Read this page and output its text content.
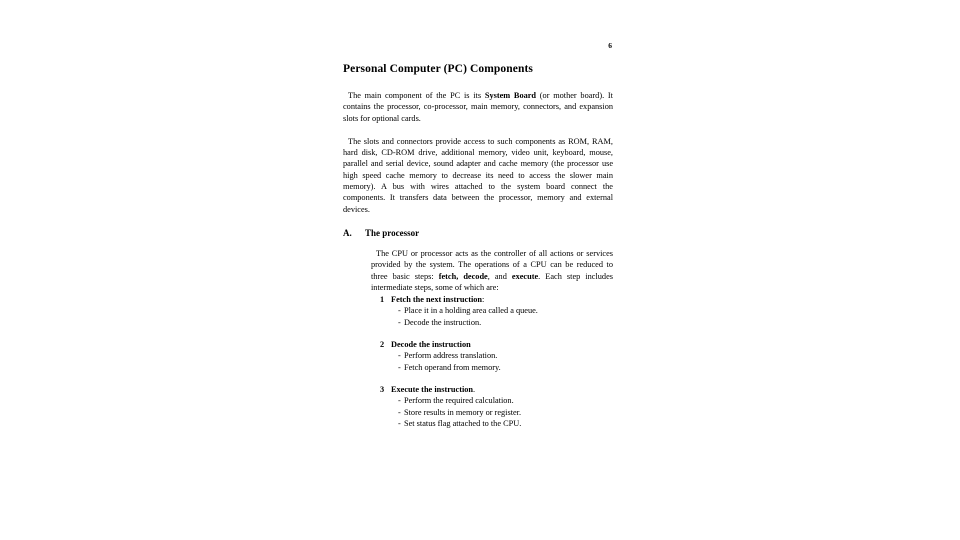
6
Personal Computer (PC) Components

The main component of the PC is its System Board (or mother board). It contains the processor, co-processor, main memory, connectors, and expansion slots for optional cards.

The slots and connectors provide access to such components as ROM, RAM, hard disk, CD-ROM drive, additional memory, video unit, keyboard, mouse, parallel and serial device, sound adapter and cache memory (the processor use high speed cache memory to decrease its need to access the slower main memory). A bus with wires attached to the system board connect the components. It transfers data between the processor, memory and external devices.

A.	The processor

The CPU or processor acts as the controller of all actions or services provided by the system. The operations of a CPU can be reduced to three basic steps: fetch, decode, and execute. Each step includes intermediate steps, some of which are:

1 Fetch the next instruction:
- Place it in a holding area called a queue.
- Decode the instruction.
2 Decode the instruction
- Perform address translation.
- Fetch operand from memory.
3 Execute the instruction.
- Perform the required calculation.
- Store results in memory or register.
- Set status flag attached to the CPU.
